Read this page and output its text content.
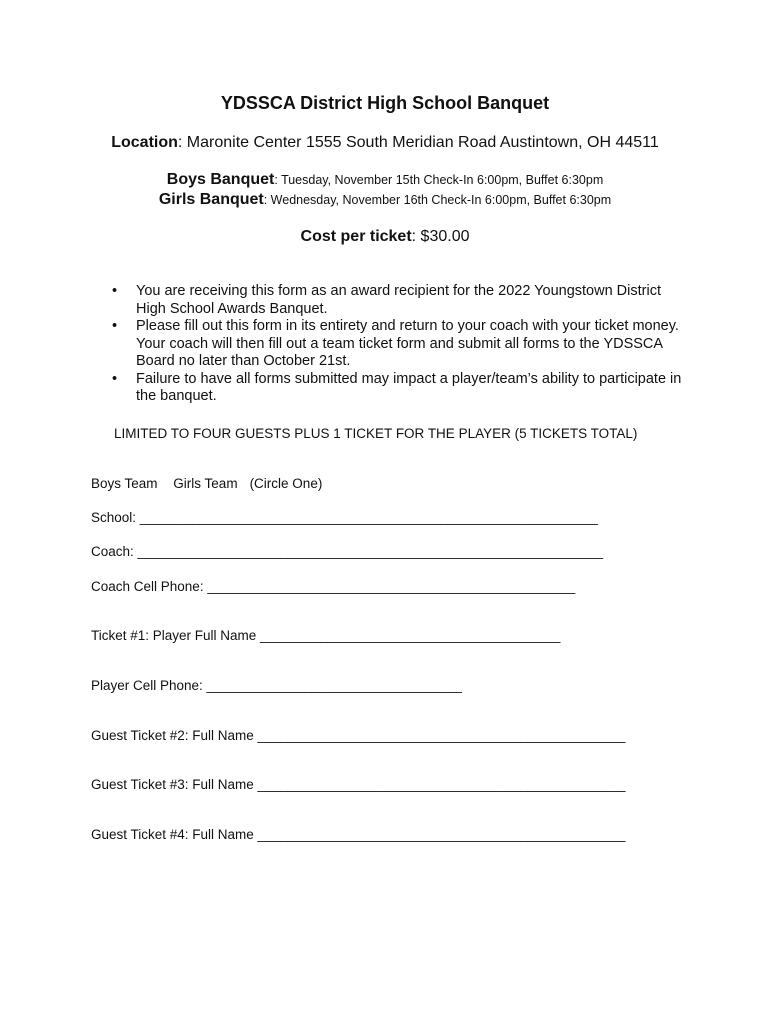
YDSSCA District High School Banquet
Location: Maronite Center 1555 South Meridian Road Austintown, OH 44511
Boys Banquet: Tuesday, November 15th Check-In 6:00pm, Buffet 6:30pm
Girls Banquet: Wednesday, November 16th Check-In 6:00pm, Buffet 6:30pm
Cost per ticket: $30.00
• You are receiving this form as an award recipient for the 2022 Youngstown District High School Awards Banquet.
• Please fill out this form in its entirety and return to your coach with your ticket money. Your coach will then fill out a team ticket form and submit all forms to the YDSSCA Board no later than October 21st.
• Failure to have all forms submitted may impact a player/team’s ability to participate in the banquet.
LIMITED TO FOUR GUESTS PLUS 1 TICKET FOR THE PLAYER (5 TICKETS TOTAL)
Boys Team Girls Team (Circle One)
School: _____________________________________________________________
Coach: ______________________________________________________________
Coach Cell Phone: _________________________________________________
Ticket #1: Player Full Name ________________________________________
Player Cell Phone: __________________________________
Guest Ticket #2: Full Name _________________________________________________
Guest Ticket #3: Full Name _________________________________________________
Guest Ticket #4: Full Name _________________________________________________
